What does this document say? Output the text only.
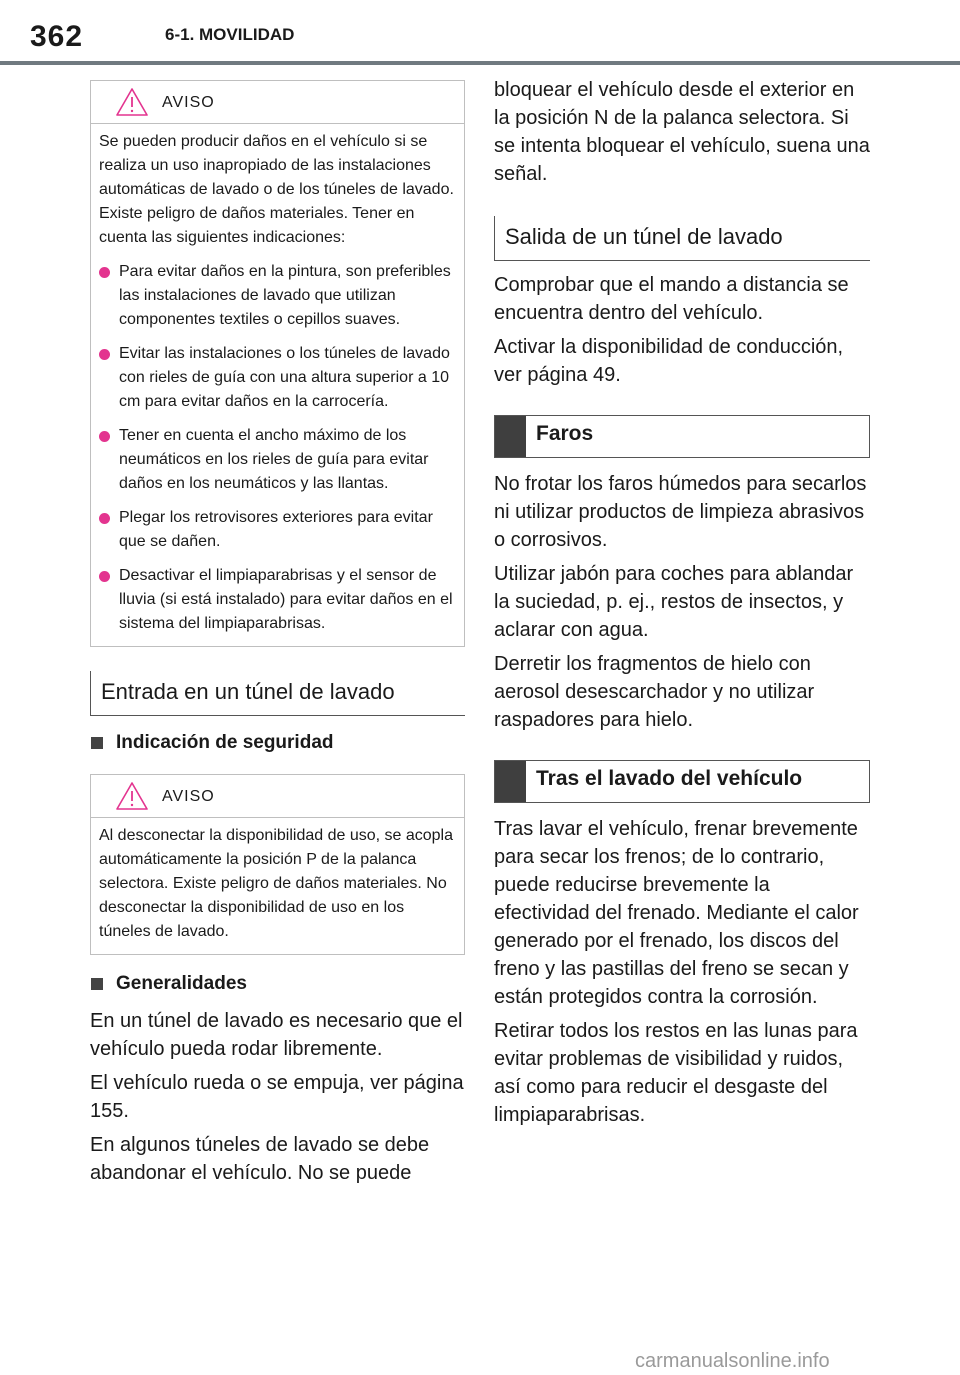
362	6-1. MOVILIDAD
AVISO

Se pueden producir daños en el vehículo si se realiza un uso inapropiado de las instalaciones automáticas de lavado o de los túneles de lavado. Existe peligro de daños materiales. Tener en cuenta las siguientes indicaciones:

Para evitar daños en la pintura, son preferibles las instalaciones de lavado que utilizan componentes textiles o cepillos suaves.
Evitar las instalaciones o los túneles de lavado con rieles de guía con una altura superior a 10 cm para evitar daños en la carrocería.
Tener en cuenta el ancho máximo de los neumáticos en los rieles de guía para evitar daños en los neumáticos y las llantas.
Plegar los retrovisores exteriores para evitar que se dañen.
Desactivar el limpiaparabrisas y el sensor de lluvia (si está instalado) para evitar daños en el sistema del limpiaparabrisas.
Entrada en un túnel de lavado
Indicación de seguridad
AVISO

Al desconectar la disponibilidad de uso, se acopla automáticamente la posición P de la palanca selectora. Existe peligro de daños materiales. No desconectar la disponibilidad de uso en los túneles de lavado.

Generalidades

En un túnel de lavado es necesario que el vehículo pueda rodar libremente.

El vehículo rueda o se empuja, ver página 155.

En algunos túneles de lavado se debe abandonar el vehículo. No se puede

bloquear el vehículo desde el exterior en la posición N de la palanca selectora. Si se intenta bloquear el vehículo, suena una señal.

Salida de un túnel de lavado

Comprobar que el mando a distancia se encuentra dentro del vehículo.

Activar la disponibilidad de conducción, ver página 49.

Faros

No frotar los faros húmedos para secarlos ni utilizar productos de limpieza abrasivos o corrosivos.

Utilizar jabón para coches para ablandar la suciedad, p. ej., restos de insectos, y aclarar con agua.

Derretir los fragmentos de hielo con aerosol desescarchador y no utilizar raspadores para hielo.

Tras el lavado del vehículo

Tras lavar el vehículo, frenar brevemente para secar los frenos; de lo contrario, puede reducirse brevemente la efectividad del frenado. Mediante el calor generado por el frenado, los discos del freno y las pastillas del freno se secan y están protegidos contra la corrosión.

Retirar todos los restos en las lunas para evitar problemas de visibilidad y ruidos, así como para reducir el desgaste del limpiaparabrisas.

carmanualsonline.info
